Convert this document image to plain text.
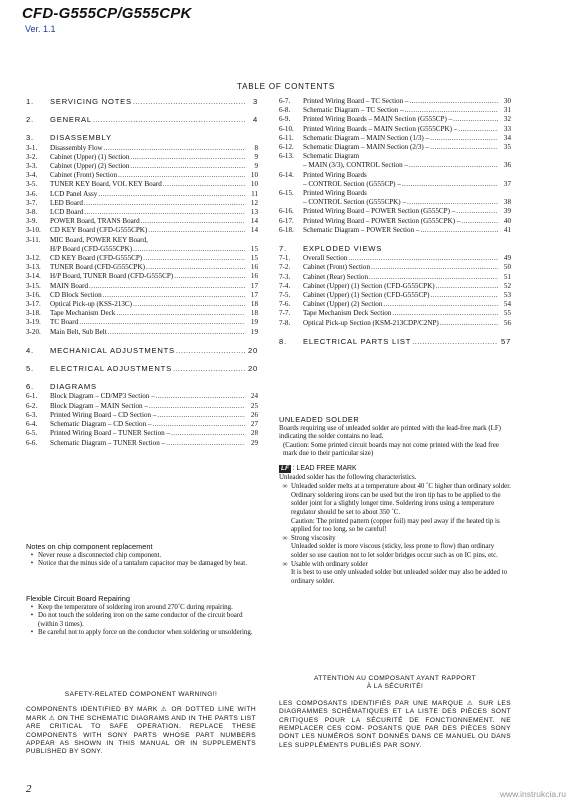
CFD-G555CP/G555CPK
Ver. 1.1
TABLE OF CONTENTS
1.	SERVICING NOTES .....	3
2.	GENERAL .....	4
3.	DISASSEMBLY
3-1.	Disassembly Flow .....	8
3-2.	Cabinet (Upper) (1) Section .....	9
3-3.	Cabinet (Upper) (2) Section .....	9
3-4.	Cabinet (Front) Section .....	10
3-5.	TUNER KEY Board, VOL KEY Board .....	10
3-6.	LCD Panel Assy .....	11
3-7.	LED Board .....	12
3-8.	LCD Board .....	13
3-9.	POWER Board, TRANS Board .....	14
3-10.	CD KEY Board (CFD-G555CPK) .....	14
3-11.	MIC Board, POWER KEY Board,
H/P Board (CFD-G555CPK) .....	15
3-12.	CD KEY Board (CFD-G555CP) .....	15
3-13.	TUNER Board (CFD-G555CPK) .....	16
3-14.	H/P Board, TUNER Board (CFD-G555CP) .....	16
3-15.	MAIN Board .....	17
3-16.	CD Block Section .....	17
3-17.	Optical Pick-up (KSS-213C) .....	18
3-18.	Tape Mechanism Deck .....	18
3-19.	TC Board .....	19
3-20.	Main Belt, Sub Belt .....	19
4.	MECHANICAL ADJUSTMENTS .....	20
5.	ELECTRICAL ADJUSTMENTS .....	20
6.	DIAGRAMS
6-1.	Block Diagram – CD/MP3 Section – .....	24
6-2.	Block Diagram – MAIN Section – .....	25
6-3.	Printed Wiring Board – CD Section – .....	26
6-4.	Schematic Diagram – CD Section – .....	27
6-5.	Printed Wiring Board – TUNER Section – .....	28
6-6.	Schematic Diagram – TUNER Section – .....	29
6-7.	Printed Wiring Board – TC Section – .....	30
6-8.	Schematic Diagram – TC Section – .....	31
6-9.	Printed Wiring Boards – MAIN Section (G555CP) – .....	32
6-10.	Printed Wiring Boards – MAIN Section (G555CPK) – .....	33
6-11.	Schematic Diagram – MAIN Section (1/3) – .....	34
6-12.	Schematic Diagram – MAIN Section (2/3) – .....	35
6-13.	Schematic Diagram
– MAIN (3/3), CONTROL Section – .....	36
6-14.	Printed Wiring Boards
– CONTROL Section (G555CP) – .....	37
6-15.	Printed Wiring Boards
– CONTROL Section (G555CPK) – .....	38
6-16.	Printed Wiring Board – POWER Section (G555CP) – .....	39
6-17.	Printed Wiring Board – POWER Section (G555CPK) – .....	40
6-18.	Schematic Diagram – POWER Section – .....	41
7.	EXPLODED VIEWS
7-1.	Overall Section .....	49
7-2.	Cabinet (Front) Section .....	50
7-3.	Cabinet (Rear) Section .....	51
7-4.	Cabinet (Upper) (1) Section (CFD-G555CPK) .....	52
7-5.	Cabinet (Upper) (1) Section (CFD-G555CP) .....	53
7-6.	Cabinet (Upper) (2) Section .....	54
7-7.	Tape Mechanism Deck Section .....	55
7-8.	Optical Pick-up Section (KSM-213CDP/C2NP) .....	56
8.	ELECTRICAL PARTS LIST .....	57
Notes on chip component replacement
• Never reuse a disconnected chip component.
• Notice that the minus side of a tantalum capacitor may be damaged by heat.
Flexible Circuit Board Repairing
• Keep the temperature of soldering iron around 270˚C during repairing.
• Do not touch the soldering iron on the same conductor of the circuit board (within 3 times).
• Be careful not to apply force on the conductor when soldering or unsoldering.
SAFETY-RELATED COMPONENT WARNING!!
COMPONENTS IDENTIFIED BY MARK ⚠ OR DOTTED LINE WITH MARK ⚠ ON THE SCHEMATIC DIAGRAMS AND IN THE PARTS LIST ARE CRITICAL TO SAFE OPERATION. REPLACE THESE COMPONENTS WITH SONY PARTS WHOSE PART NUMBERS APPEAR AS SHOWN IN THIS MANUAL OR IN SUPPLEMENTS PUBLISHED BY SONY.
UNLEADED SOLDER
Boards requiring use of unleaded solder are printed with the lead-free mark (LF) indicating the solder contains no lead.
(Caution: Some printed circuit boards may not come printed with the lead free mark due to their particular size)
LF : LEAD FREE MARK
Unleaded solder has the following characteristics.
∞ Unleaded solder melts at a temperature about 40 ˚C higher than ordinary solder.
Ordinary soldering irons can be used but the iron tip has to be applied to the solder joint for a slightly longer time. Soldering irons using a temperature regulator should be set to about 350 ˚C.
Caution: The printed pattern (copper foil) may peel away if the heated tip is applied for too long, so be careful!
∞ Strong viscosity
Unleaded solder is more viscous (sticky, less prone to flow) than ordinary solder so use caution not to let solder bridges occur such as on IC pins, etc.
∞ Usable with ordinary solder
It is best to use only unleaded solder but unleaded solder may also be added to ordinary solder.
ATTENTION AU COMPOSANT AYANT RAPPORT
À LA SÉCURITÉ!
LES COMPOSANTS IDENTIFIÉS PAR UNE MARQUE ⚠ SUR LES DIAGRAMMES SCHÉMATIQUES ET LA LISTE DES PIÈCES SONT CRITIQUES POUR LA SÉCURITÉ DE FONCTIONNEMENT. NE REMPLACER CES COM- POSANTS QUE PAR DES PIÈCES SONY DONT LES NUMÉROS SONT DONNÉS DANS CE MANUEL OU DANS LES SUPPLÉMENTS PUBLIÉS PAR SONY.
2	www.instrukcia.ru
